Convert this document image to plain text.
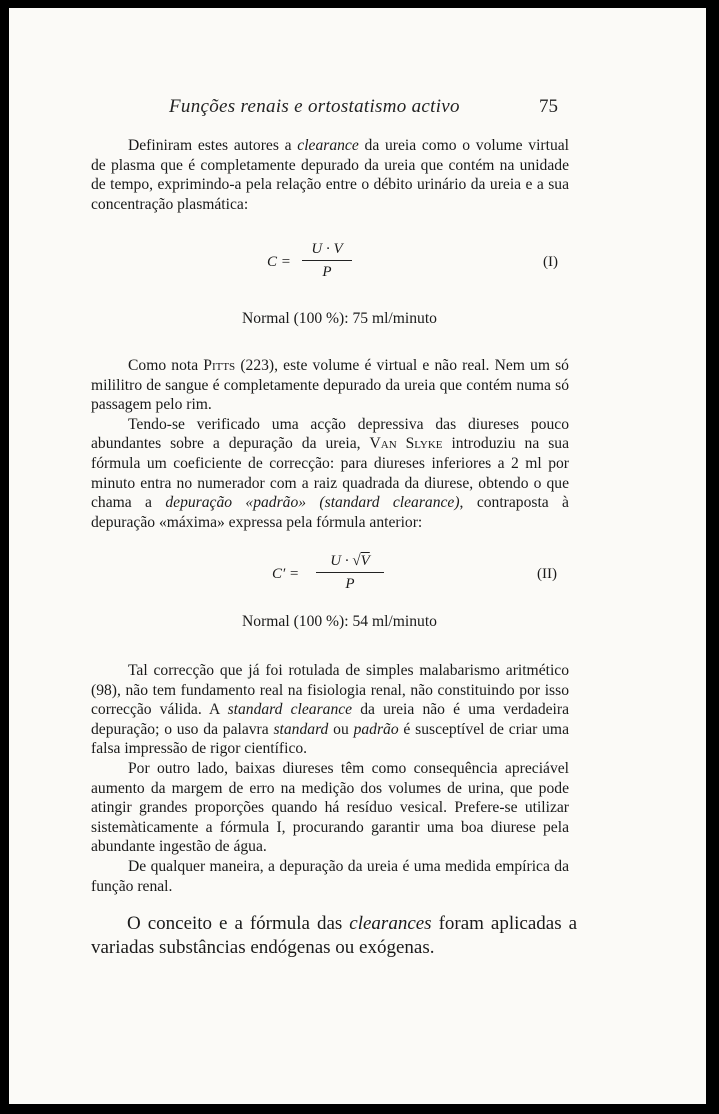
Funções renais e ortostatismo activo	75

Definiram estes autores a clearance da ureia como o volume virtual de plasma que é completamente depurado da ureia que contém na unidade de tempo, exprimindo-a pela relação entre o débito urinário da ureia e a sua concentração plasmática:

C =
U · V
P
(I)
Normal (100 %): 75 ml/minuto

Como nota Pitts (223), este volume é virtual e não real. Nem um só mililitro de sangue é completamente depurado da ureia que contém numa só passagem pelo rim.

Tendo-se verificado uma acção depressiva das diureses pouco abundantes sobre a depuração da ureia, Van Slyke introduziu na sua fórmula um coeficiente de correcção: para diureses inferiores a 2 ml por minuto entra no numerador com a raiz quadrada da diurese, obtendo o que chama a depuração «padrão» (standard clearance), contraposta à depuração «máxima» expressa pela fórmula anterior:

C′ =
U · √V
P
(II)
Normal (100 %): 54 ml/minuto

Tal correcção que já foi rotulada de simples malabarismo aritmético (98), não tem fundamento real na fisiologia renal, não constituindo por isso correcção válida. A standard clearance da ureia não é uma verdadeira depuração; o uso da palavra standard ou padrão é susceptível de criar uma falsa impressão de rigor científico.

Por outro lado, baixas diureses têm como consequência apreciável aumento da margem de erro na medição dos volumes de urina, que pode atingir grandes proporções quando há resíduo vesical. Prefere-se utilizar sistemàticamente a fórmula I, procurando garantir uma boa diurese pela abundante ingestão de água.

De qualquer maneira, a depuração da ureia é uma medida empírica da função renal.

O conceito e a fórmula das clearances foram aplicadas a variadas substâncias endógenas ou exógenas.
